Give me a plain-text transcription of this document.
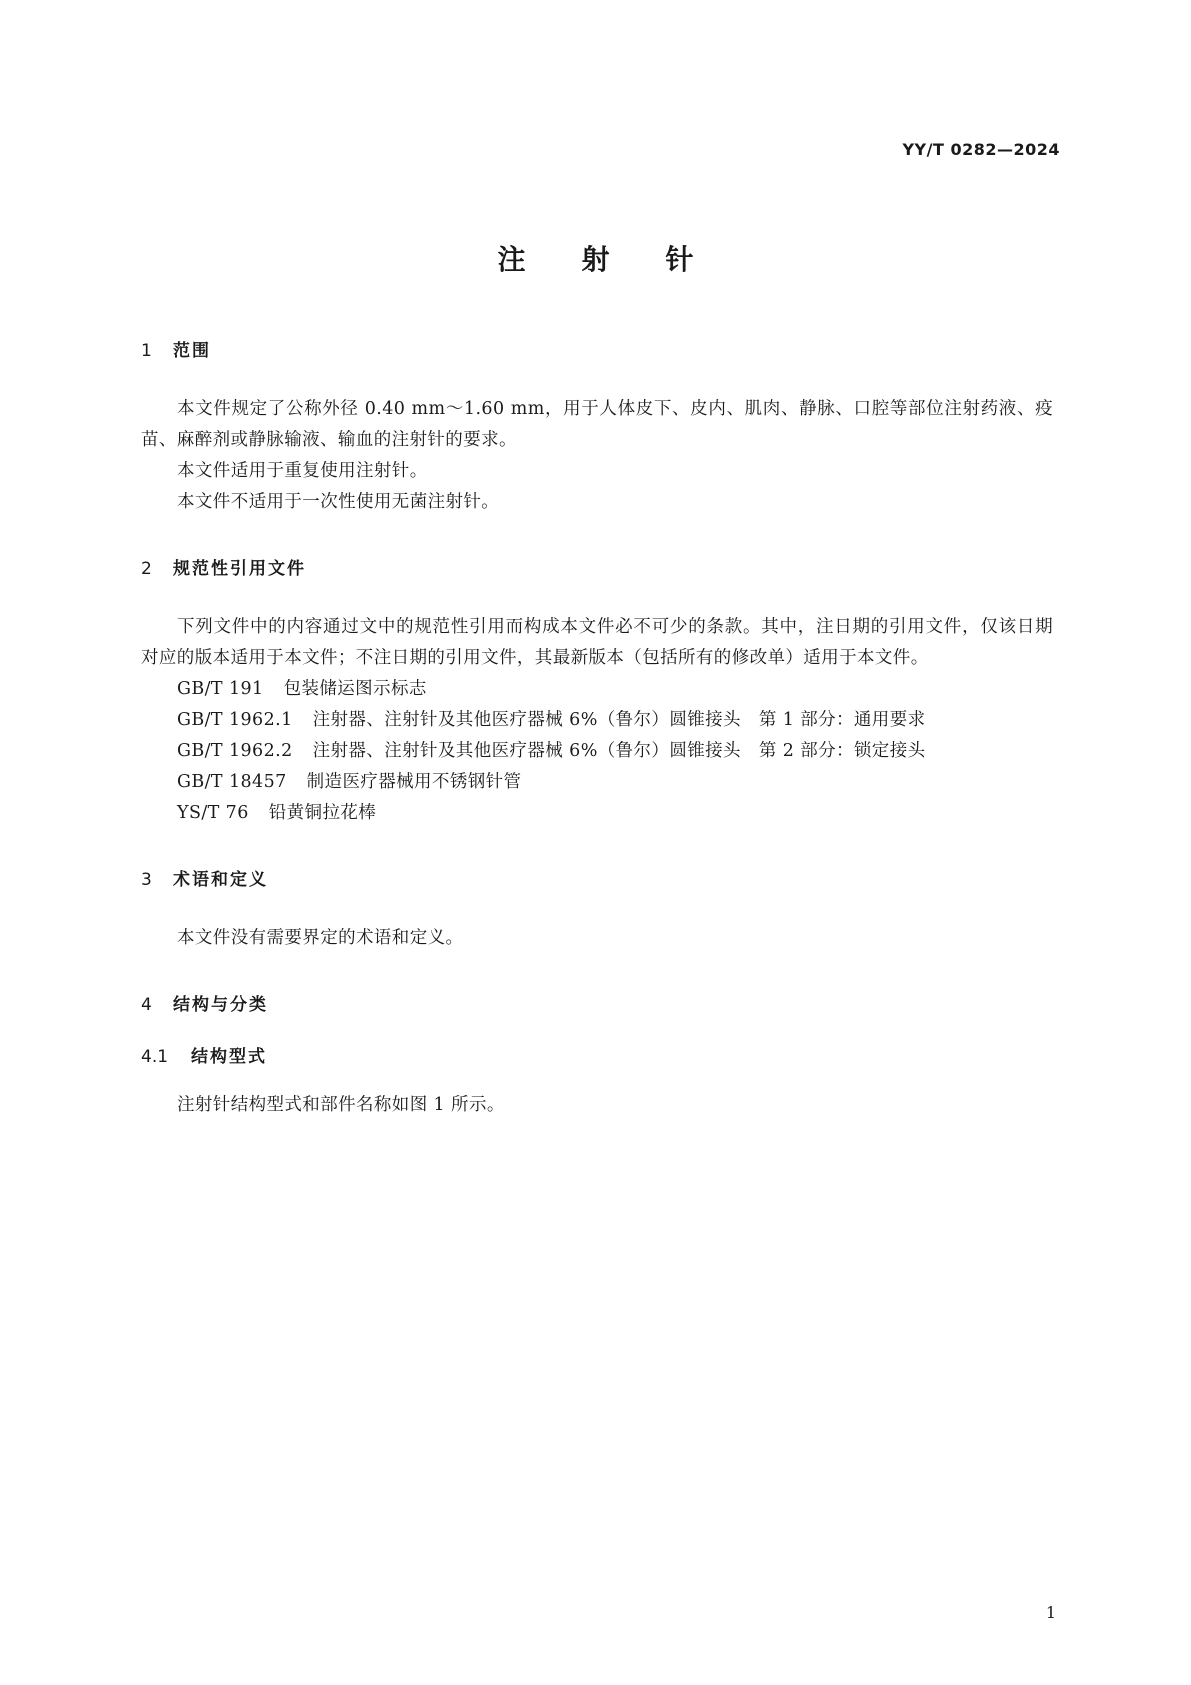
YY/T 0282—2024
注射针
1 范围

本文件规定了公称外径 0.40 mm～1.60 mm，用于人体皮下、皮内、肌肉、静脉、口腔等部位注射药液、疫苗、麻醉剂或静脉输液、输血的注射针的要求。

本文件适用于重复使用注射针。

本文件不适用于一次性使用无菌注射针。

2 规范性引用文件

下列文件中的内容通过文中的规范性引用而构成本文件必不可少的条款。其中，注日期的引用文件，仅该日期对应的版本适用于本文件；不注日期的引用文件，其最新版本（包括所有的修改单）适用于本文件。

GB/T 191 包装储运图示标志
GB/T 1962.1 注射器、注射针及其他医疗器械 6%（鲁尔）圆锥接头　第 1 部分：通用要求
GB/T 1962.2 注射器、注射针及其他医疗器械 6%（鲁尔）圆锥接头　第 2 部分：锁定接头
GB/T 18457 制造医疗器械用不锈钢针管
YS/T 76 铅黄铜拉花棒
3 术语和定义

本文件没有需要界定的术语和定义。

4 结构与分类
4.1 结构型式

注射针结构型式和部件名称如图 1 所示。

1
